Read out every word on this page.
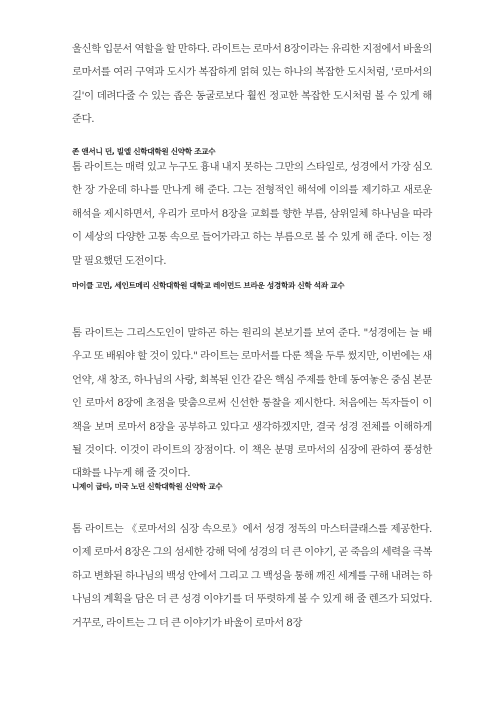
울신학 입문서 역할을 할 만하다. 라이트는 로마서 8장이라는 유리한 지점에서 바울의 로마서를 여러 구역과 도시가 복잡하게 얽혀 있는 하나의 복잡한 도시처럼, '로마서의 길'이 데려다줄 수 있는 좁은 동굴로보다 훨씬 정교한 복잡한 도시처럼 볼 수 있게 해 준다.

존 앤서니 던, 빌엘 신학대학원 신약학 조교수

톰 라이트는 매력 있고 누구도 흉내 내지 못하는 그만의 스타일로, 성경에서 가장 심오한 장 가운데 하나를 만나게 해 준다. 그는 전형적인 해석에 이의를 제기하고 새로운 해석을 제시하면서, 우리가 로마서 8장을 교회를 향한 부름, 삼위일체 하나님을 따라 이 세상의 다양한 고통 속으로 들어가라고 하는 부름으로 볼 수 있게 해 준다. 이는 정말 필요했던 도전이다.

마이클 고먼, 세인트메리 신학대학원 대학교 레이먼드 브라운 성경학과 신학 석좌 교수

톰 라이트는 그리스도인이 말하곤 하는 원리의 본보기를 보여 준다. "성경에는 늘 배우고 또 배워야 할 것이 있다." 라이트는 로마서를 다룬 책을 두루 썼지만, 이번에는 새 언약, 새 창조, 하나님의 사랑, 회복된 인간 같은 핵심 주제를 한데 동여놓은 중심 본문인 로마서 8장에 초점을 맞춤으로써 신선한 통찰을 제시한다. 처음에는 독자들이 이 책을 보며 로마서 8장을 공부하고 있다고 생각하겠지만, 결국 성경 전체를 이해하게 될 것이다. 이것이 라이트의 장점이다. 이 책은 분명 로마서의 심장에 관하여 풍성한 대화를 나누게 해 줄 것이다.

니제이 굽타, 미국 노던 신학대학원 신약학 교수

톰 라이트는 《로마서의 심장 속으로》에서 성경 정독의 마스터클래스를 제공한다. 이제 로마서 8장은 그의 섬세한 강해 덕에 성경의 더 큰 이야기, 곧 죽음의 세력을 극복하고 변화된 하나님의 백성 안에서 그리고 그 백성을 통해 깨진 세계를 구해 내려는 하나님의 계획을 담은 더 큰 성경 이야기를 더 뚜렷하게 볼 수 있게 해 줄 렌즈가 되었다. 거꾸로, 라이트는 그 더 큰 이야기가 바울이 로마서 8장
